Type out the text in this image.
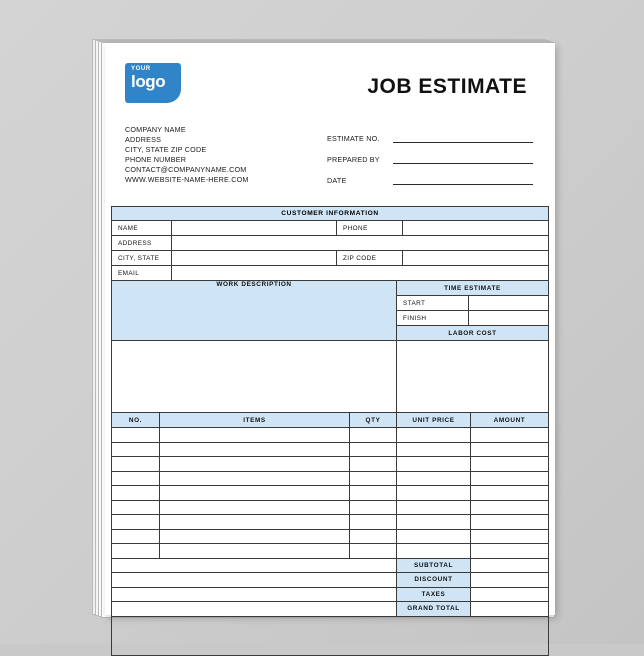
YOUR
logo	JOB ESTIMATE
COMPANY NAME
ADDRESS
CITY, STATE ZIP CODE
PHONE NUMBER
CONTACT@COMPANYNAME.COM
WWW.WEBSITE-NAME-HERE.COM
ESTIMATE NO.
PREPARED BY
DATE
CUSTOMER INFORMATION
NAME		PHONE	
ADDRESS			
CITY, STATE		ZIP CODE	
EMAIL			
WORK DESCRIPTION	TIME ESTIMATE	
	START	
	FINISH	
	LABOR COST	

NO.	ITEMS	QTY	UNIT PRICE	AMOUNT

	SUBTOTAL	
	DISCOUNT	
	TAXES	
	GRAND TOTAL	
